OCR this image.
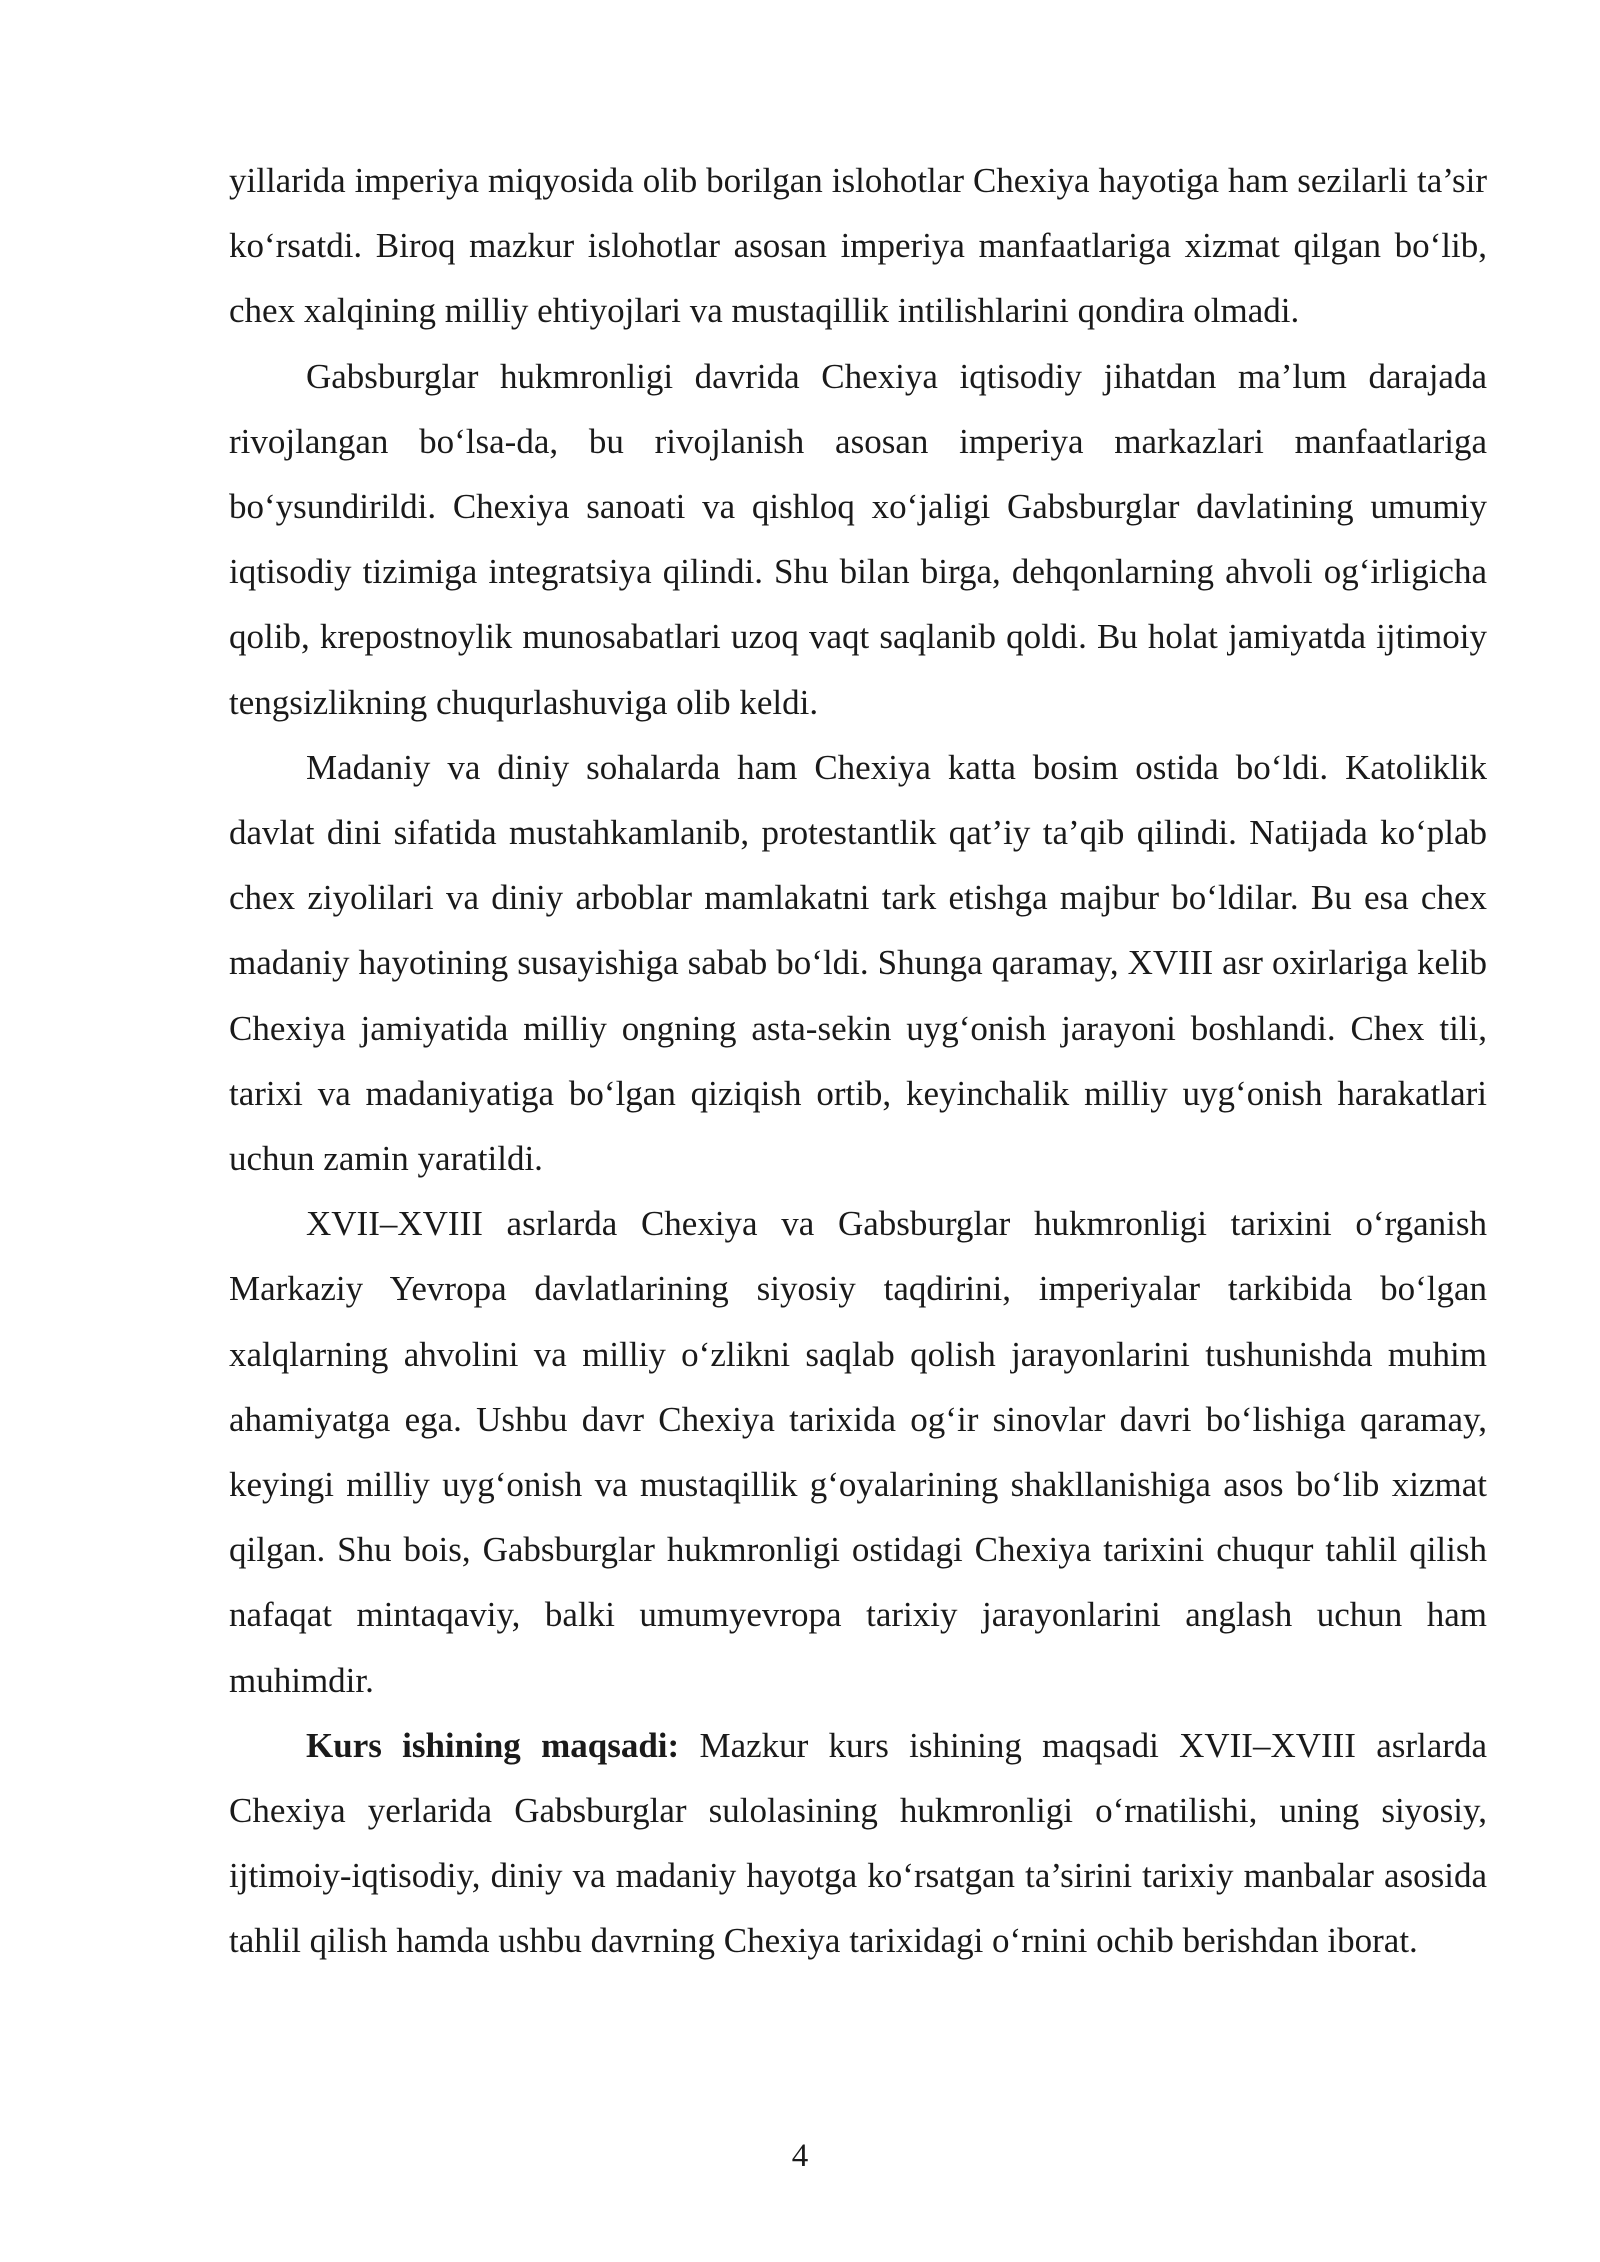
yillarida imperiya miqyosida olib borilgan islohotlar Chexiya hayotiga ham sezilarli ta’sir ko‘rsatdi. Biroq mazkur islohotlar asosan imperiya manfaatlariga xizmat qilgan bo‘lib, chex xalqining milliy ehtiyojlari va mustaqillik intilishlarini qondira olmadi.

Gabsburglar hukmronligi davrida Chexiya iqtisodiy jihatdan ma’lum darajada rivojlangan bo‘lsa-da, bu rivojlanish asosan imperiya markazlari manfaatlariga bo‘ysundirildi. Chexiya sanoati va qishloq xo‘jaligi Gabsburglar davlatining umumiy iqtisodiy tizimiga integratsiya qilindi. Shu bilan birga, dehqonlarning ahvoli og‘irligicha qolib, krepostnoylik munosabatlari uzoq vaqt saqlanib qoldi. Bu holat jamiyatda ijtimoiy tengsizlikning chuqurlashuviga olib keldi.

Madaniy va diniy sohalarda ham Chexiya katta bosim ostida bo‘ldi. Katoliklik davlat dini sifatida mustahkamlanib, protestantlik qat’iy ta’qib qilindi. Natijada ko‘plab chex ziyolilari va diniy arboblar mamlakatni tark etishga majbur bo‘ldilar. Bu esa chex madaniy hayotining susayishiga sabab bo‘ldi. Shunga qaramay, XVIII asr oxirlariga kelib Chexiya jamiyatida milliy ongning asta-sekin uyg‘onish jarayoni boshlandi. Chex tili, tarixi va madaniyatiga bo‘lgan qiziqish ortib, keyinchalik milliy uyg‘onish harakatlari uchun zamin yaratildi.

XVII–XVIII asrlarda Chexiya va Gabsburglar hukmronligi tarixini o‘rganish Markaziy Yevropa davlatlarining siyosiy taqdirini, imperiyalar tarkibida bo‘lgan xalqlarning ahvolini va milliy o‘zlikni saqlab qolish jarayonlarini tushunishda muhim ahamiyatga ega. Ushbu davr Chexiya tarixida og‘ir sinovlar davri bo‘lishiga qaramay, keyingi milliy uyg‘onish va mustaqillik g‘oyalarining shakllanishiga asos bo‘lib xizmat qilgan. Shu bois, Gabsburglar hukmronligi ostidagi Chexiya tarixini chuqur tahlil qilish nafaqat mintaqaviy, balki umumyevropa tarixiy jarayonlarini anglash uchun ham muhimdir.

Kurs ishining maqsadi: Mazkur kurs ishining maqsadi XVII–XVIII asrlarda Chexiya yerlarida Gabsburglar sulolasining hukmronligi o‘rnatilishi, uning siyosiy, ijtimoiy-iqtisodiy, diniy va madaniy hayotga ko‘rsatgan ta’sirini tarixiy manbalar asosida tahlil qilish hamda ushbu davrning Chexiya tarixidagi o‘rnini ochib berishdan iborat.

4
